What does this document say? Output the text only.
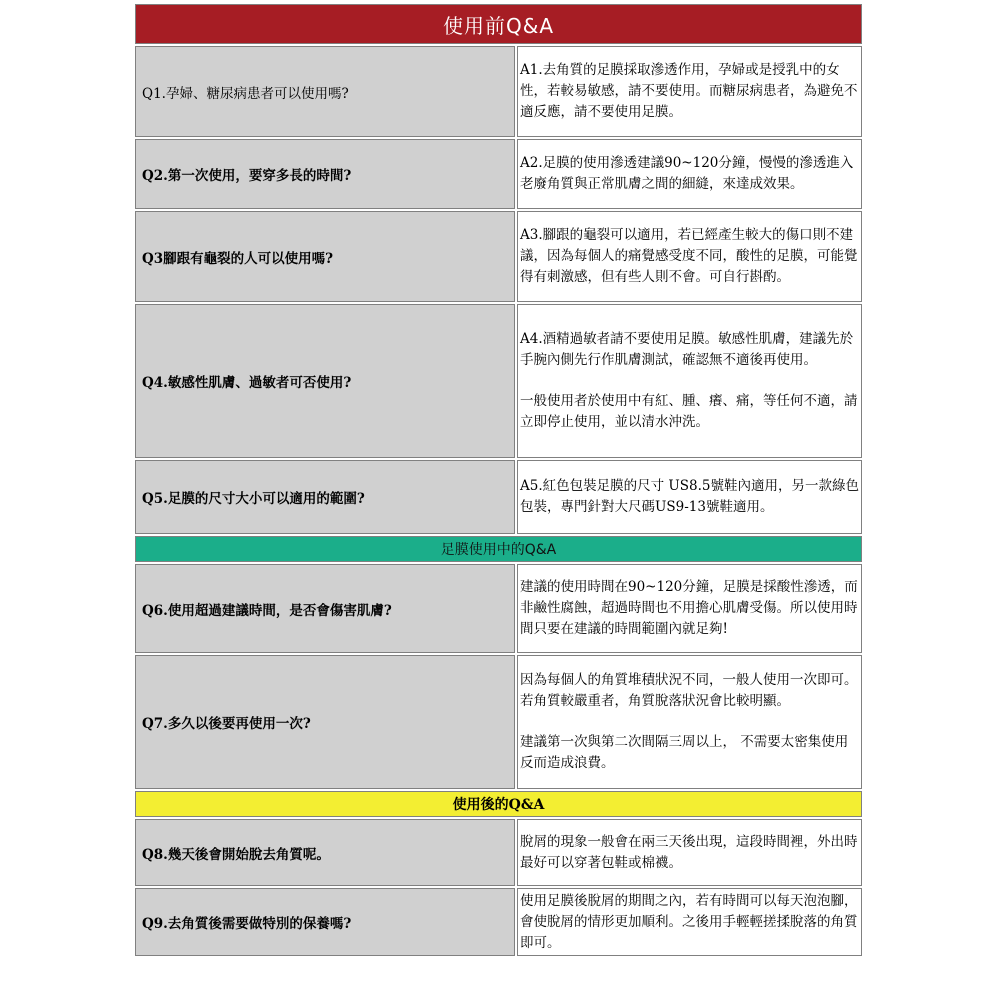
使用前Q&A	
Q1.孕婦、糖尿病患者可以使用嗎?	A1.去角質的足膜採取滲透作用，孕婦或是授乳中的女性，若較易敏感，請不要使用。而糖尿病患者，為避免不適反應，請不要使用足膜。

Q2.第一次使用，要穿多長的時間?	A2.足膜的使用滲透建議90~120分鐘，慢慢的滲透進入老廢角質與正常肌膚之間的細縫，來達成效果。

Q3腳跟有龜裂的人可以使用嗎?	A3.腳跟的龜裂可以適用，若已經產生較大的傷口則不建議，因為每個人的痛覺感受度不同，酸性的足膜，可能覺得有刺激感，但有些人則不會。可自行斟酌。

Q4.敏感性肌膚、過敏者可否使用?	A4.酒精過敏者請不要使用足膜。敏感性肌膚，建議先於手腕內側先行作肌膚測試，確認無不適後再使用。

一般使用者於使用中有紅、腫、癢、痛，等任何不適，請立即停止使用，並以清水沖洗。

Q5.足膜的尺寸大小可以適用的範圍?	A5.紅色包裝足膜的尺寸 US8.5號鞋內適用，另一款綠色包裝，專門針對大尺碼US9-13號鞋適用。

足膜使用中的Q&A	
Q6.使用超過建議時間，是否會傷害肌膚?	建議的使用時間在90~120分鐘，足膜是採酸性滲透，而非鹼性腐蝕，超過時間也不用擔心肌膚受傷。所以使用時間只要在建議的時間範圍內就足夠!

Q7.多久以後要再使用一次?	因為每個人的角質堆積狀況不同，一般人使用一次即可。若角質較嚴重者，角質脫落狀況會比較明顯。

建議第一次與第二次間隔三周以上， 不需要太密集使用反而造成浪費。

使用後的Q&A	
Q8.幾天後會開始脫去角質呢。	脫屑的現象一般會在兩三天後出現，這段時間裡，外出時最好可以穿著包鞋或棉襪。

Q9.去角質後需要做特別的保養嗎?	使用足膜後脫屑的期間之內，若有時間可以每天泡泡腳，會使脫屑的情形更加順利。之後用手輕輕搓揉脫落的角質即可。
